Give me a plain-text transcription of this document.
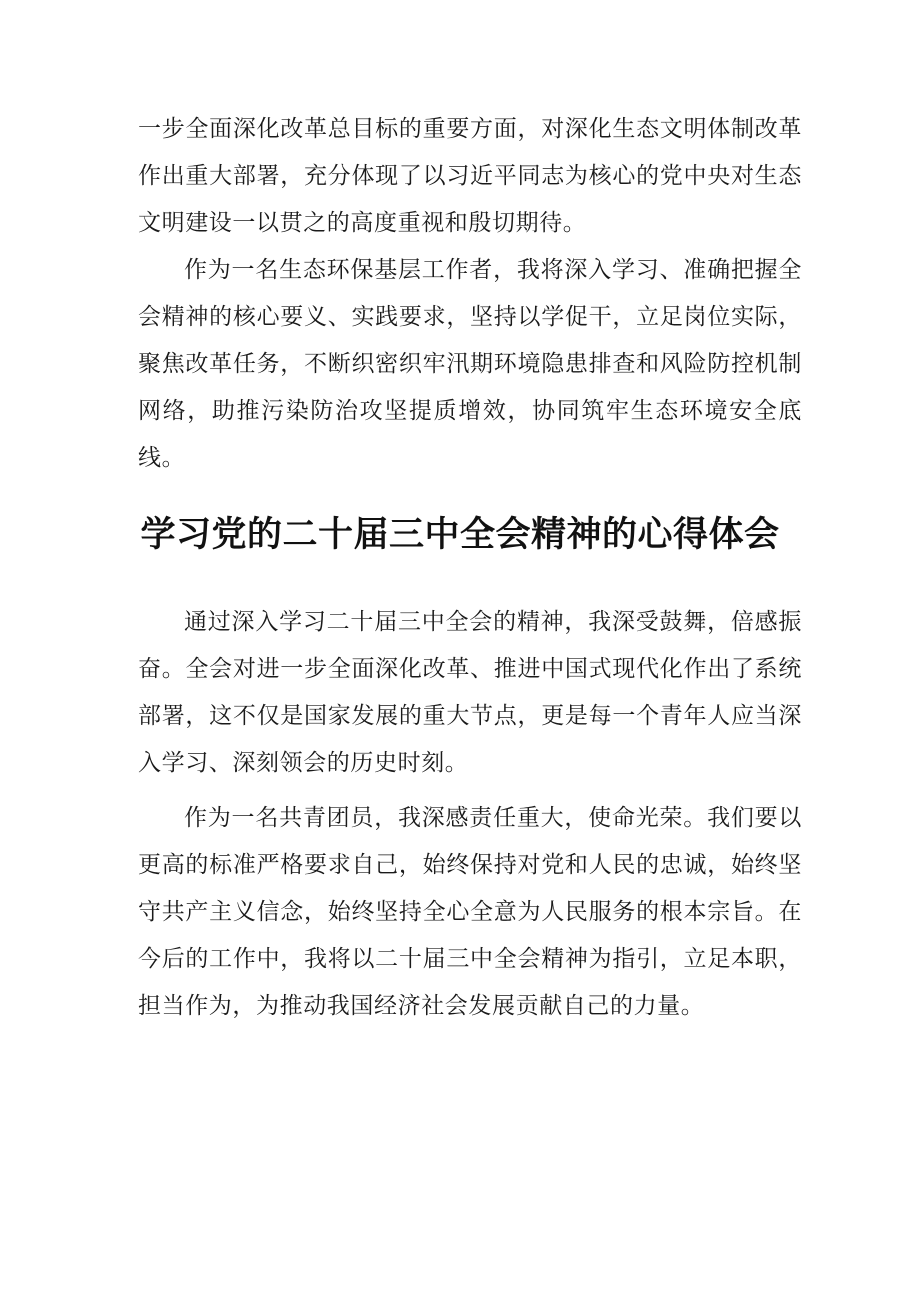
一步全面深化改革总目标的重要方面，对深化生态文明体制改革作出重大部署，充分体现了以习近平同志为核心的党中央对生态文明建设一以贯之的高度重视和殷切期待。

作为一名生态环保基层工作者，我将深入学习、准确把握全会精神的核心要义、实践要求，坚持以学促干，立足岗位实际，聚焦改革任务，不断织密织牢汛期环境隐患排查和风险防控机制网络，助推污染防治攻坚提质增效，协同筑牢生态环境安全底线。

学习党的二十届三中全会精神的心得体会

通过深入学习二十届三中全会的精神，我深受鼓舞，倍感振奋。全会对进一步全面深化改革、推进中国式现代化作出了系统部署，这不仅是国家发展的重大节点，更是每一个青年人应当深入学习、深刻领会的历史时刻。

作为一名共青团员，我深感责任重大，使命光荣。我们要以更高的标准严格要求自己，始终保持对党和人民的忠诚，始终坚守共产主义信念，始终坚持全心全意为人民服务的根本宗旨。在今后的工作中，我将以二十届三中全会精神为指引，立足本职，担当作为，为推动我国经济社会发展贡献自己的力量。
